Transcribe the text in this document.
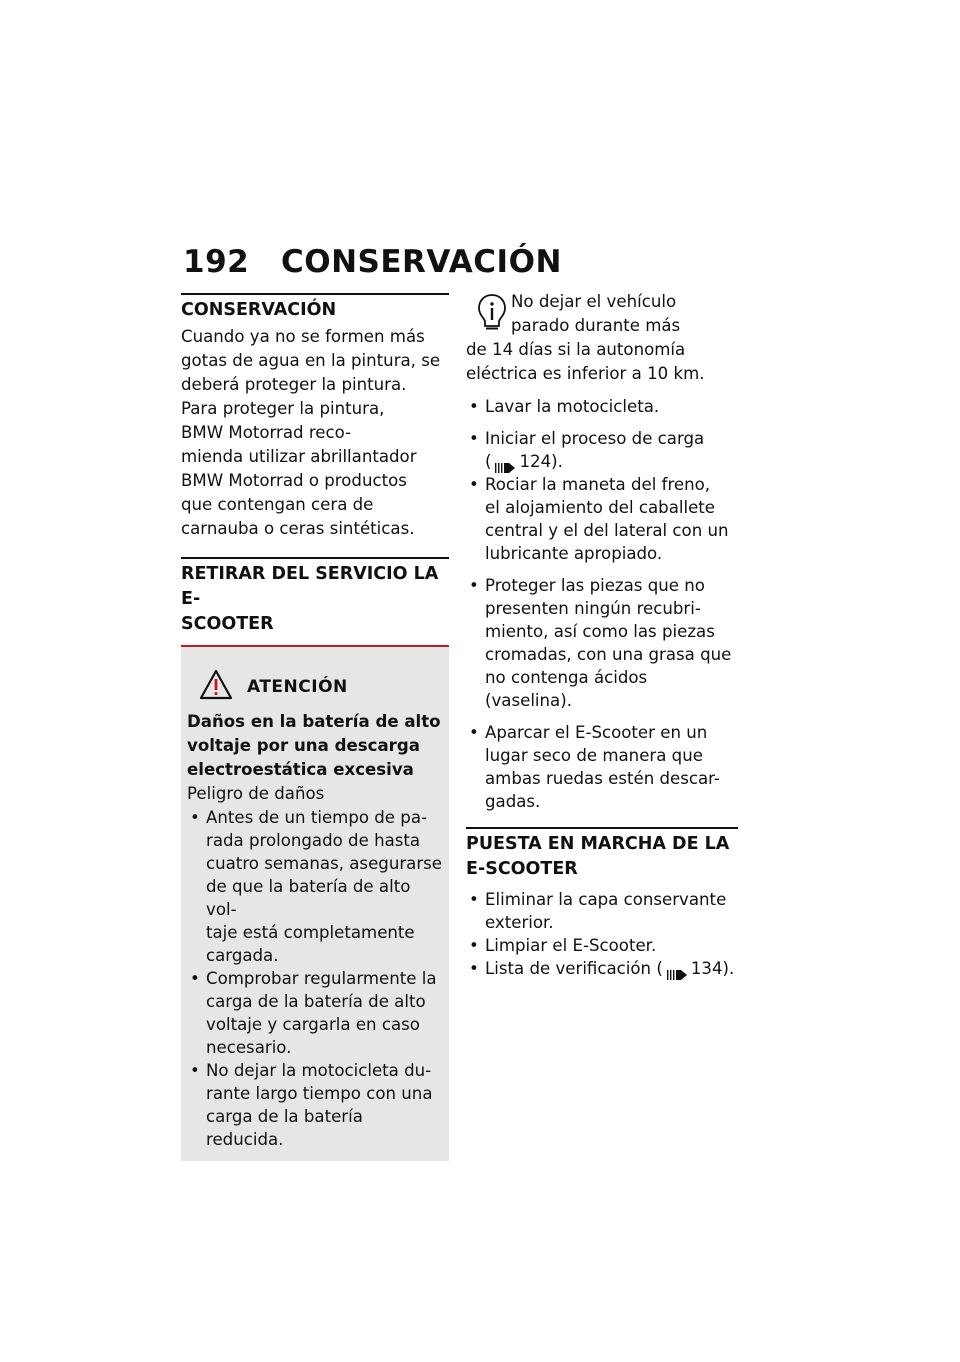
192 CONSERVACIÓN
CONSERVACIÓN

Cuando ya no se formen más

gotas de agua en la pintura, se

deberá proteger la pintura.

Para proteger la pintura,

BMW Motorrad reco-

mienda utilizar abrillantador

BMW Motorrad o productos

que contengan cera de

carnauba o ceras sintéticas.

RETIRAR DEL SERVICIO LA E-
SCOOTER
ATENCIÓN

Daños en la batería de alto

voltaje por una descarga

electroestática excesiva

Peligro de daños

• Antes de un tiempo de pa-
rada prolongado de hasta
cuatro semanas, asegurarse
de que la batería de alto vol-
taje está completamente
cargada.
• Comprobar regularmente la
carga de la batería de alto
voltaje y cargarla en caso
necesario.
• No dejar la motocicleta du-
rante largo tiempo con una
carga de la batería reducida.
No dejar el vehículo
parado durante más

de 14 días si la autonomía

eléctrica es inferior a 10 km.

• Lavar la motocicleta.
• Iniciar el proceso de carga
( 124).
• Rociar la maneta del freno,
el alojamiento del caballete
central y el del lateral con un
lubricante apropiado.
• Proteger las piezas que no
presenten ningún recubri-
miento, así como las piezas
cromadas, con una grasa que
no contenga ácidos (vaselina).
• Aparcar el E-Scooter en un
lugar seco de manera que
ambas ruedas estén descar-
gadas.
PUESTA EN MARCHA DE LA
E-SCOOTER
• Eliminar la capa conservante
exterior.
• Limpiar el E-Scooter.
• Lista de verificación ( 134).
